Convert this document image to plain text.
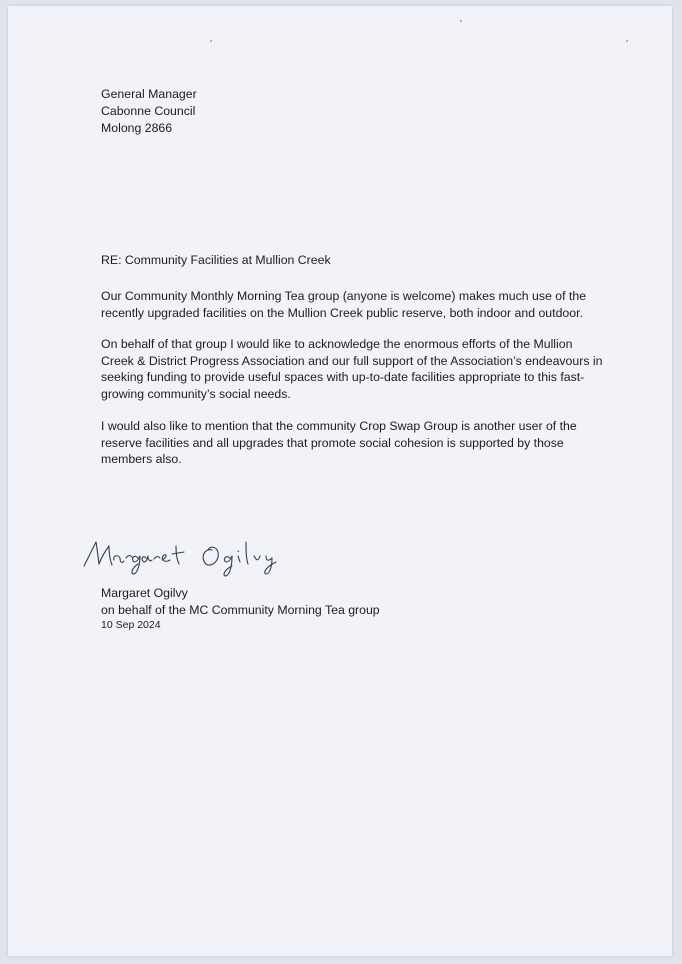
General Manager
Cabonne Council
Molong 2866
RE: Community Facilities at Mullion Creek
Our Community Monthly Morning Tea group (anyone is welcome) makes much use of the
recently upgraded facilities on the Mullion Creek public reserve, both indoor and outdoor.
On behalf of that group I would like to acknowledge the enormous efforts of the Mullion
Creek & District Progress Association and our full support of the Association’s endeavours in
seeking funding to provide useful spaces with up-to-date facilities appropriate to this fast-
growing community’s social needs.
I would also like to mention that the community Crop Swap Group is another user of the
reserve facilities and all upgrades that promote social cohesion is supported by those
members also.
Margaret Ogilvy
on behalf of the MC Community Morning Tea group
10 Sep 2024
